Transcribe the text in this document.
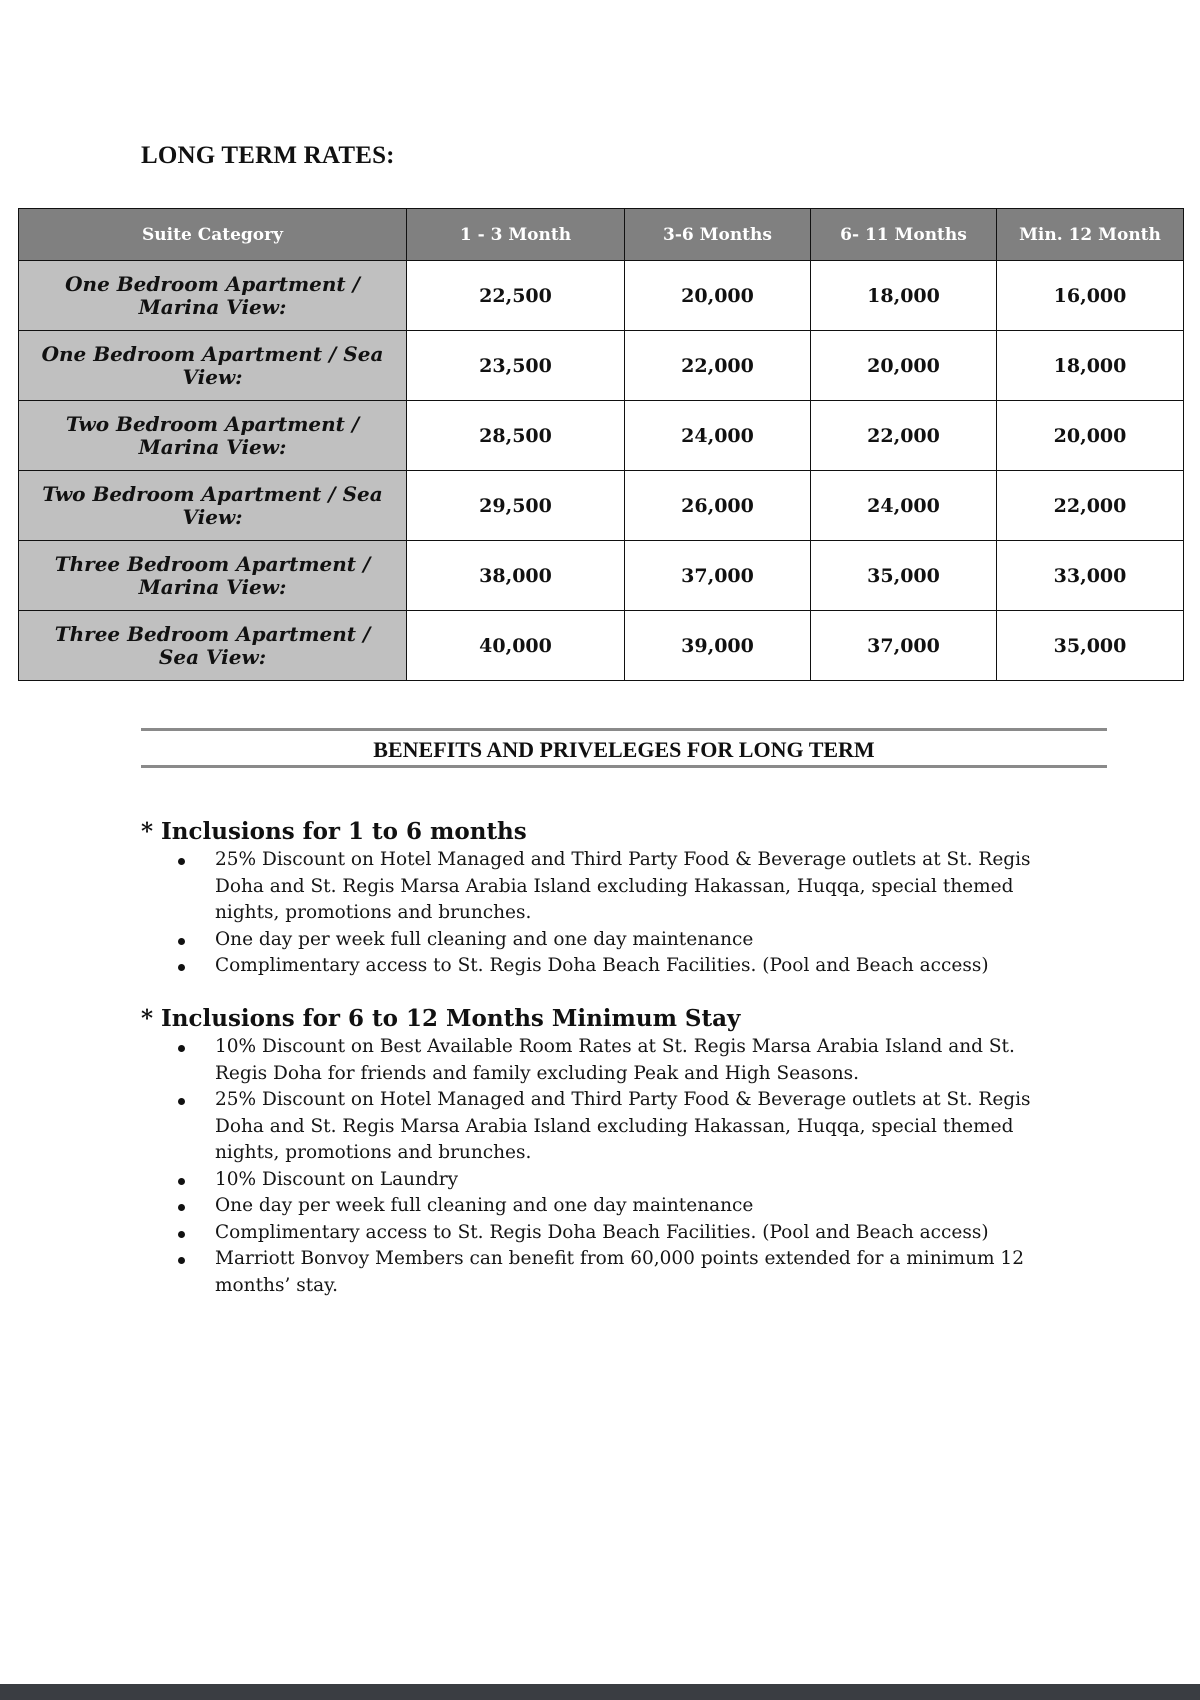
LONG TERM RATES:
Suite Category	1 - 3 Month	3-6 Months	6- 11 Months	Min. 12 Month
One Bedroom Apartment / Marina View:	22,500	20,000	18,000	16,000
One Bedroom Apartment / Sea View:	23,500	22,000	20,000	18,000
Two Bedroom Apartment / Marina View:	28,500	24,000	22,000	20,000
Two Bedroom Apartment / Sea View:	29,500	26,000	24,000	22,000
Three Bedroom Apartment / Marina View:	38,000	37,000	35,000	33,000
Three Bedroom Apartment / Sea View:	40,000	39,000	37,000	35,000
BENEFITS AND PRIVELEGES FOR LONG TERM
* Inclusions for 1 to 6 months
25% Discount on Hotel Managed and Third Party Food & Beverage outlets at St. Regis Doha and St. Regis Marsa Arabia Island excluding Hakassan, Huqqa, special themed nights, promotions and brunches.
One day per week full cleaning and one day maintenance
Complimentary access to St. Regis Doha Beach Facilities. (Pool and Beach access)
* Inclusions for 6 to 12 Months Minimum Stay
10% Discount on Best Available Room Rates at St. Regis Marsa Arabia Island and St. Regis Doha for friends and family excluding Peak and High Seasons.
25% Discount on Hotel Managed and Third Party Food & Beverage outlets at St. Regis Doha and St. Regis Marsa Arabia Island excluding Hakassan, Huqqa, special themed nights, promotions and brunches.
10% Discount on Laundry
One day per week full cleaning and one day maintenance
Complimentary access to St. Regis Doha Beach Facilities. (Pool and Beach access)
Marriott Bonvoy Members can benefit from 60,000 points extended for a minimum 12 months’ stay.
